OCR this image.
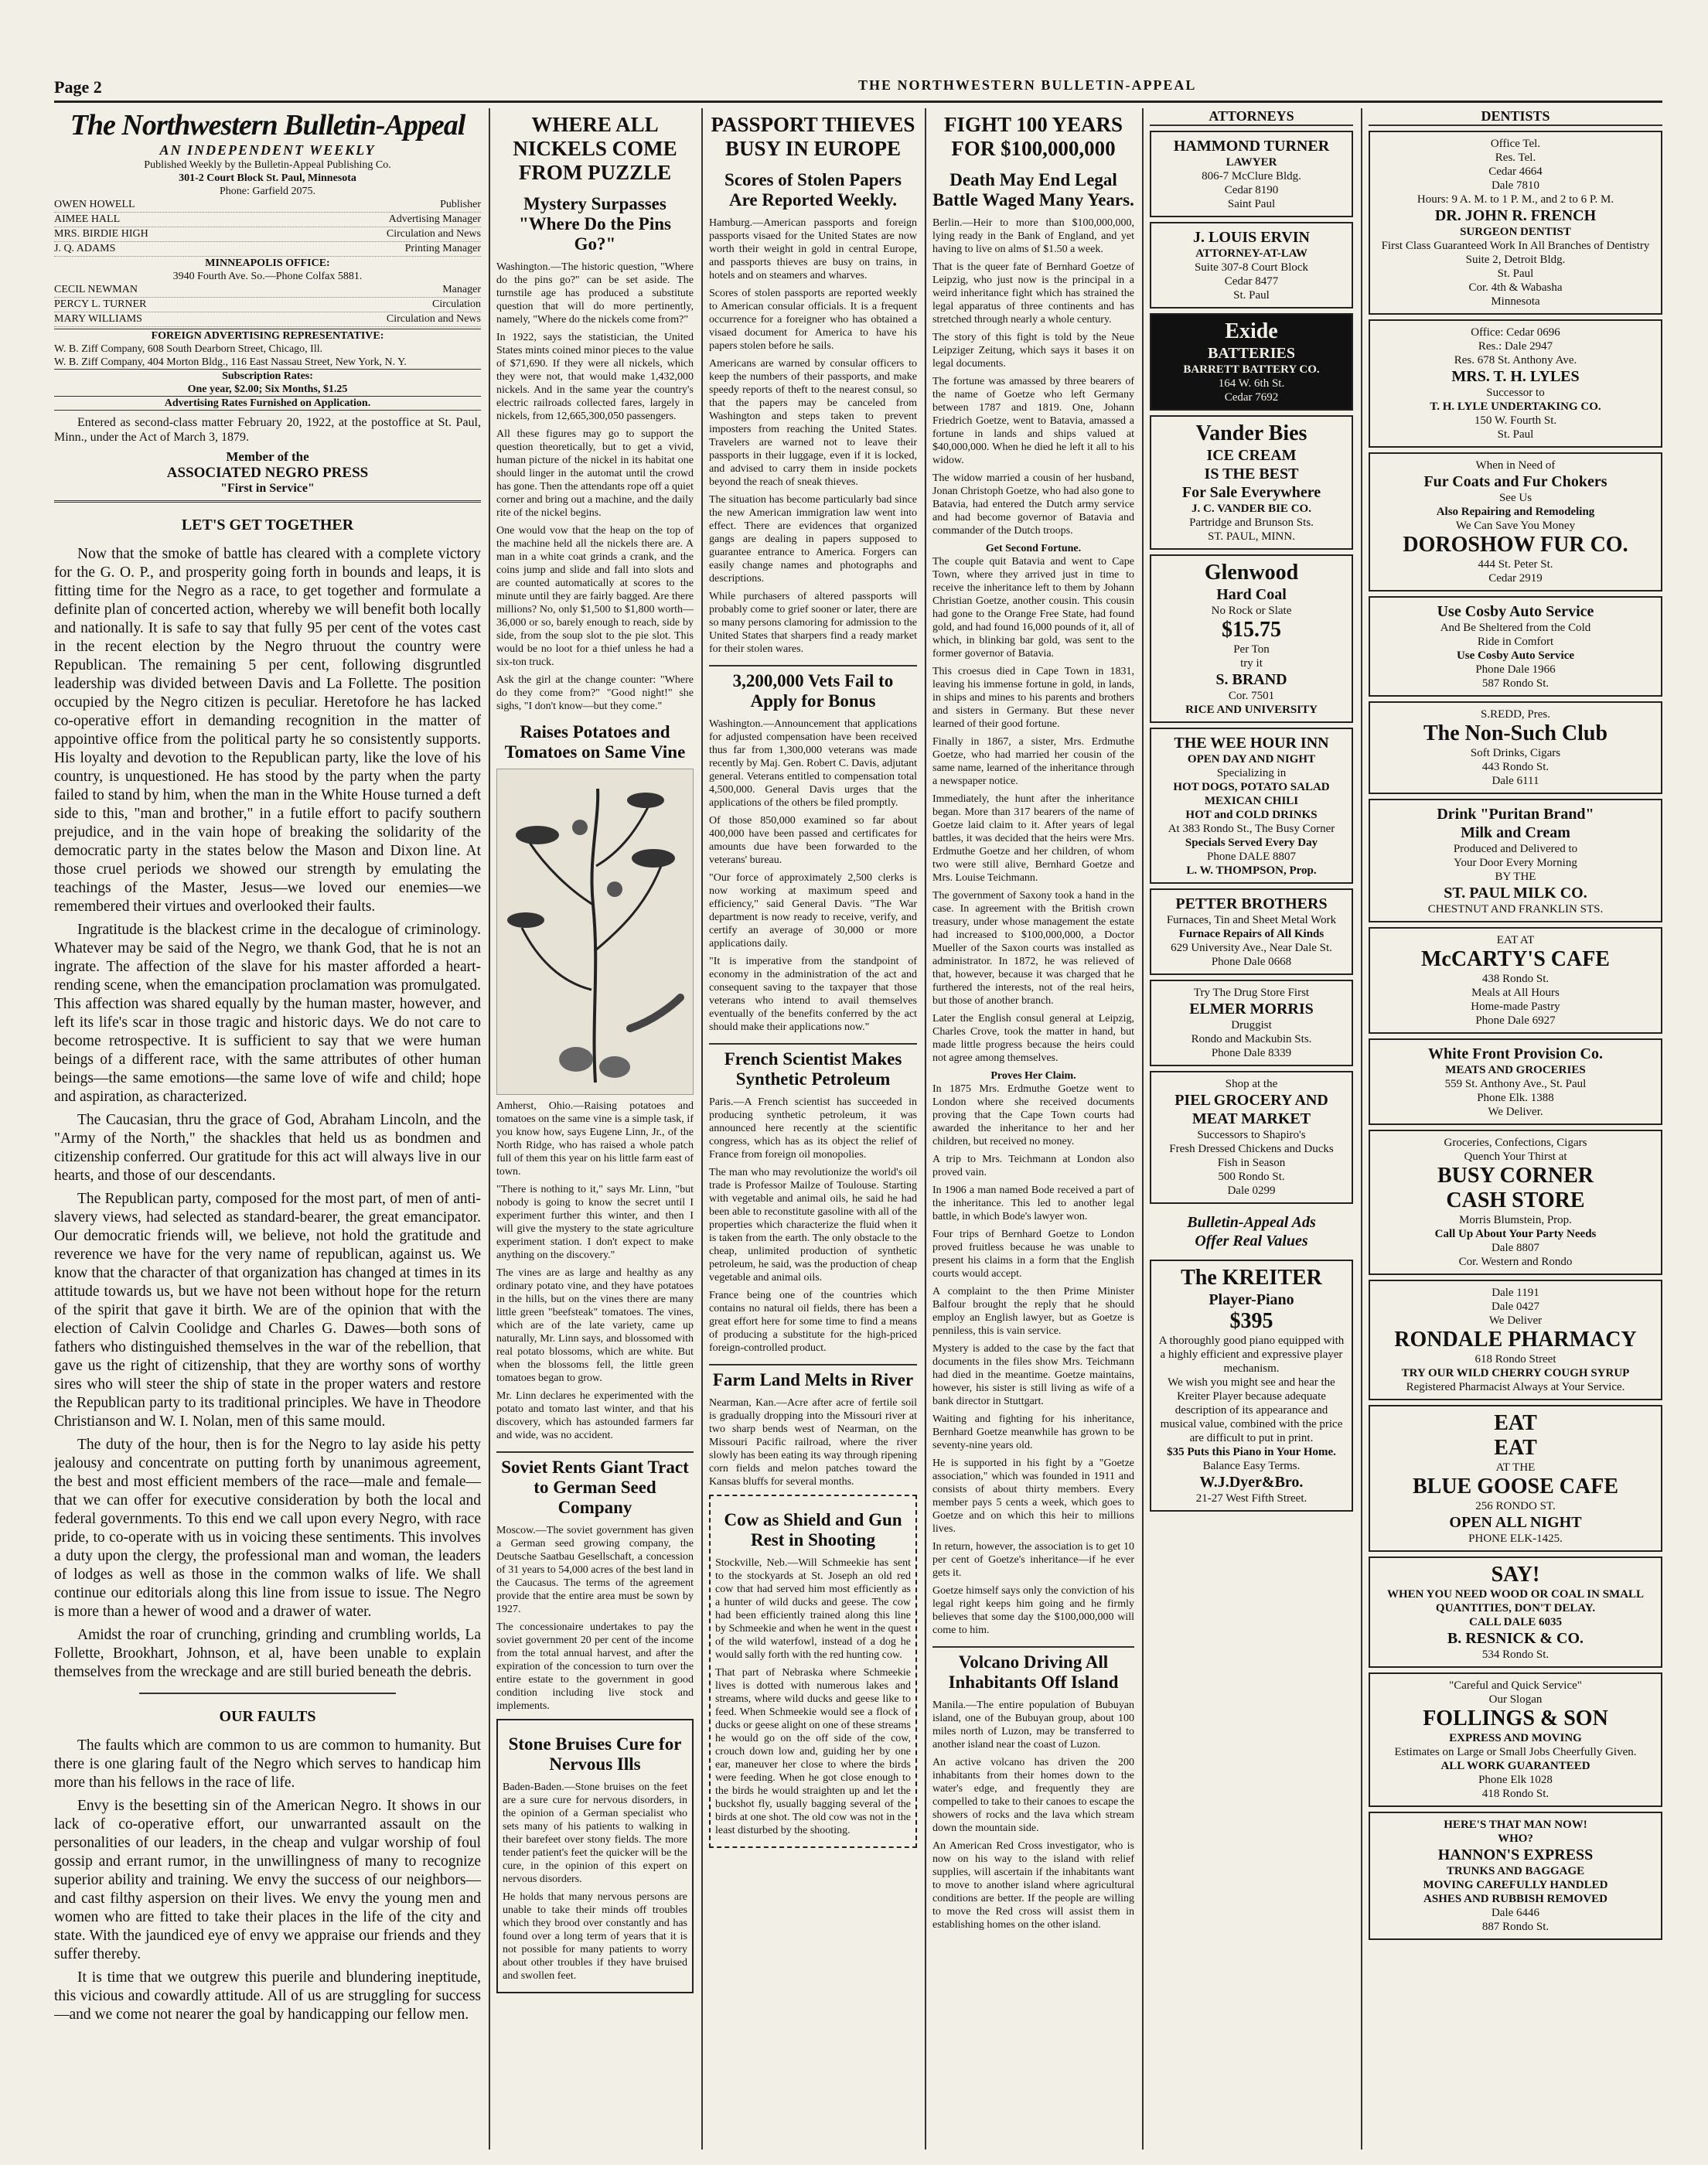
Page 2	THE NORTHWESTERN BULLETIN-APPEAL
The Northwestern Bulletin-Appeal
AN INDEPENDENT WEEKLY
Published Weekly by the Bulletin-Appeal Publishing Co.
301-2 Court Block St. Paul, Minnesota
Phone: Garfield 2075.
OWEN HOWELL	Publisher
AIMEE HALL	Advertising Manager
MRS. BIRDIE HIGH	Circulation and News
J. Q. ADAMS	Printing Manager
MINNEAPOLIS OFFICE:
3940 Fourth Ave. So.—Phone Colfax 5881.
CECIL NEWMAN	Manager
PERCY L. TURNER	Circulation
MARY WILLIAMS	Circulation and News
FOREIGN ADVERTISING REPRESENTATIVE:
W. B. Ziff Company, 608 South Dearborn Street, Chicago, Ill.
W. B. Ziff Company, 404 Morton Bldg., 116 East Nassau Street, New York, N. Y.
Subscription Rates:
One year, $2.00; Six Months, $1.25
Advertising Rates Furnished on Application.

Entered as second-class matter February 20, 1922, at the postoffice at St. Paul, Minn., under the Act of March 3, 1879.

Member of the
ASSOCIATED NEGRO PRESS
"First in Service"
LET'S GET TOGETHER

Now that the smoke of battle has cleared with a complete victory for the G. O. P., and prosperity going forth in bounds and leaps, it is fitting time for the Negro as a race, to get together and formulate a definite plan of concerted action, whereby we will benefit both locally and nationally. It is safe to say that fully 95 per cent of the votes cast in the recent election by the Negro thruout the country were Republican. The remaining 5 per cent, following disgruntled leadership was divided between Davis and La Follette. The position occupied by the Negro citizen is peculiar. Heretofore he has lacked co-operative effort in demanding recognition in the matter of appointive office from the political party he so consistently supports. His loyalty and devotion to the Republican party, like the love of his country, is unquestioned. He has stood by the party when the party failed to stand by him, when the man in the White House turned a deft side to this, "man and brother," in a futile effort to pacify southern prejudice, and in the vain hope of breaking the solidarity of the democratic party in the states below the Mason and Dixon line. At those cruel periods we showed our strength by emulating the teachings of the Master, Jesus—we loved our enemies—we remembered their virtues and overlooked their faults.

Ingratitude is the blackest crime in the decalogue of criminology. Whatever may be said of the Negro, we thank God, that he is not an ingrate. The affection of the slave for his master afforded a heart-rending scene, when the emancipation proclamation was promulgated. This affection was shared equally by the human master, however, and left its life's scar in those tragic and historic days. We do not care to become retrospective. It is sufficient to say that we were human beings of a different race, with the same attributes of other human beings—the same emotions—the same love of wife and child; hope and aspiration, as characterized.

The Caucasian, thru the grace of God, Abraham Lincoln, and the "Army of the North," the shackles that held us as bondmen and citizenship conferred. Our gratitude for this act will always live in our hearts, and those of our descendants.

The Republican party, composed for the most part, of men of anti-slavery views, had selected as standard-bearer, the great emancipator. Our democratic friends will, we believe, not hold the gratitude and reverence we have for the very name of republican, against us. We know that the character of that organization has changed at times in its attitude towards us, but we have not been without hope for the return of the spirit that gave it birth. We are of the opinion that with the election of Calvin Coolidge and Charles G. Dawes—both sons of fathers who distinguished themselves in the war of the rebellion, that gave us the right of citizenship, that they are worthy sons of worthy sires who will steer the ship of state in the proper waters and restore the Republican party to its traditional principles. We have in Theodore Christianson and W. I. Nolan, men of this same mould.

The duty of the hour, then is for the Negro to lay aside his petty jealousy and concentrate on putting forth by unanimous agreement, the best and most efficient members of the race—male and female—that we can offer for executive consideration by both the local and federal governments. To this end we call upon every Negro, with race pride, to co-operate with us in voicing these sentiments. This involves a duty upon the clergy, the professional man and woman, the leaders of lodges as well as those in the common walks of life. We shall continue our editorials along this line from issue to issue. The Negro is more than a hewer of wood and a drawer of water.

Amidst the roar of crunching, grinding and crumbling worlds, La Follette, Brookhart, Johnson, et al, have been unable to explain themselves from the wreckage and are still buried beneath the debris.

OUR FAULTS

The faults which are common to us are common to humanity. But there is one glaring fault of the Negro which serves to handicap him more than his fellows in the race of life.

Envy is the besetting sin of the American Negro. It shows in our lack of co-operative effort, our unwarranted assault on the personalities of our leaders, in the cheap and vulgar worship of foul gossip and errant rumor, in the unwillingness of many to recognize superior ability and training. We envy the success of our neighbors—and cast filthy aspersion on their lives. We envy the young men and women who are fitted to take their places in the life of the city and state. With the jaundiced eye of envy we appraise our friends and they suffer thereby.

It is time that we outgrew this puerile and blundering ineptitude, this vicious and cowardly attitude. All of us are struggling for success—and we come not nearer the goal by handicapping our fellow men.

WHERE ALL NICKELS COME FROM PUZZLE
Mystery Surpasses "Where Do the Pins Go?"

Washington.—The historic question, "Where do the pins go?" can be set aside. The turnstile age has produced a substitute question that will do more pertinently, namely, "Where do the nickels come from?"

In 1922, says the statistician, the United States mints coined minor pieces to the value of $71,690. If they were all nickels, which they were not, that would make 1,432,000 nickels. And in the same year the country's electric railroads collected fares, largely in nickels, from 12,665,300,050 passengers.

All these figures may go to support the question theoretically, but to get a vivid, human picture of the nickel in its habitat one should linger in the automat until the crowd has gone. Then the attendants rope off a quiet corner and bring out a machine, and the daily rite of the nickel begins.

One would vow that the heap on the top of the machine held all the nickels there are. A man in a white coat grinds a crank, and the coins jump and slide and fall into slots and are counted automatically at scores to the minute until they are fairly bagged. Are there millions? No, only $1,500 to $1,800 worth—36,000 or so, barely enough to reach, side by side, from the soup slot to the pie slot. This would be no loot for a thief unless he had a six-ton truck.

Ask the girl at the change counter: "Where do they come from?" "Good night!" she sighs, "I don't know—but they come."

Raises Potatoes and Tomatoes on Same Vine

Amherst, Ohio.—Raising potatoes and tomatoes on the same vine is a simple task, if you know how, says Eugene Linn, Jr., of the North Ridge, who has raised a whole patch full of them this year on his little farm east of town.

"There is nothing to it," says Mr. Linn, "but nobody is going to know the secret until I experiment further this winter, and then I will give the mystery to the state agriculture experiment station. I don't expect to make anything on the discovery."

The vines are as large and healthy as any ordinary potato vine, and they have potatoes in the hills, but on the vines there are many little green "beefsteak" tomatoes. The vines, which are of the late variety, came up naturally, Mr. Linn says, and blossomed with real potato blossoms, which are white. But when the blossoms fell, the little green tomatoes began to grow.

Mr. Linn declares he experimented with the potato and tomato last winter, and that his discovery, which has astounded farmers far and wide, was no accident.

Soviet Rents Giant Tract to German Seed Company

Moscow.—The soviet government has given a German seed growing company, the Deutsche Saatbau Gesellschaft, a concession of 31 years to 54,000 acres of the best land in the Caucasus. The terms of the agreement provide that the entire area must be sown by 1927.

The concessionaire undertakes to pay the soviet government 20 per cent of the income from the total annual harvest, and after the expiration of the concession to turn over the entire estate to the government in good condition including live stock and implements.

Stone Bruises Cure for Nervous Ills

Baden-Baden.—Stone bruises on the feet are a sure cure for nervous disorders, in the opinion of a German specialist who sets many of his patients to walking in their barefeet over stony fields. The more tender patient's feet the quicker will be the cure, in the opinion of this expert on nervous disorders.

He holds that many nervous persons are unable to take their minds off troubles which they brood over constantly and has found over a long term of years that it is not possible for many patients to worry about other troubles if they have bruised and swollen feet.

PASSPORT THIEVES BUSY IN EUROPE
Scores of Stolen Papers Are Reported Weekly.

Hamburg.—American passports and foreign passports visaed for the United States are now worth their weight in gold in central Europe, and passports thieves are busy on trains, in hotels and on steamers and wharves.

Scores of stolen passports are reported weekly to American consular officials. It is a frequent occurrence for a foreigner who has obtained a visaed document for America to have his papers stolen before he sails.

Americans are warned by consular officers to keep the numbers of their passports, and make speedy reports of theft to the nearest consul, so that the papers may be canceled from Washington and steps taken to prevent imposters from reaching the United States. Travelers are warned not to leave their passports in their luggage, even if it is locked, and advised to carry them in inside pockets beyond the reach of sneak thieves.

The situation has become particularly bad since the new American immigration law went into effect. There are evidences that organized gangs are dealing in papers supposed to guarantee entrance to America. Forgers can easily change names and photographs and descriptions.

While purchasers of altered passports will probably come to grief sooner or later, there are so many persons clamoring for admission to the United States that sharpers find a ready market for their stolen wares.

3,200,000 Vets Fail to Apply for Bonus

Washington.—Announcement that applications for adjusted compensation have been received thus far from 1,300,000 veterans was made recently by Maj. Gen. Robert C. Davis, adjutant general. Veterans entitled to compensation total 4,500,000. General Davis urges that the applications of the others be filed promptly.

Of those 850,000 examined so far about 400,000 have been passed and certificates for amounts due have been forwarded to the veterans' bureau.

"Our force of approximately 2,500 clerks is now working at maximum speed and efficiency," said General Davis. "The War department is now ready to receive, verify, and certify an average of 30,000 or more applications daily.

"It is imperative from the standpoint of economy in the administration of the act and consequent saving to the taxpayer that those veterans who intend to avail themselves eventually of the benefits conferred by the act should make their applications now."

French Scientist Makes Synthetic Petroleum

Paris.—A French scientist has succeeded in producing synthetic petroleum, it was announced here recently at the scientific congress, which has as its object the relief of France from foreign oil monopolies.

The man who may revolutionize the world's oil trade is Professor Mailze of Toulouse. Starting with vegetable and animal oils, he said he had been able to reconstitute gasoline with all of the properties which characterize the fluid when it is taken from the earth. The only obstacle to the cheap, unlimited production of synthetic petroleum, he said, was the production of cheap vegetable and animal oils.

France being one of the countries which contains no natural oil fields, there has been a great effort here for some time to find a means of producing a substitute for the high-priced foreign-controlled product.

Farm Land Melts in River

Nearman, Kan.—Acre after acre of fertile soil is gradually dropping into the Missouri river at two sharp bends west of Nearman, on the Missouri Pacific railroad, where the river slowly has been eating its way through ripening corn fields and melon patches toward the Kansas bluffs for several months.

Cow as Shield and Gun Rest in Shooting

Stockville, Neb.—Will Schmeekie has sent to the stockyards at St. Joseph an old red cow that had served him most efficiently as a hunter of wild ducks and geese. The cow had been efficiently trained along this line by Schmeekie and when he went in the quest of the wild waterfowl, instead of a dog he would sally forth with the red hunting cow.

That part of Nebraska where Schmeekie lives is dotted with numerous lakes and streams, where wild ducks and geese like to feed. When Schmeekie would see a flock of ducks or geese alight on one of these streams he would go on the off side of the cow, crouch down low and, guiding her by one ear, maneuver her close to where the birds were feeding. When he got close enough to the birds he would straighten up and let the buckshot fly, usually bagging several of the birds at one shot. The old cow was not in the least disturbed by the shooting.

FIGHT 100 YEARS FOR $100,000,000
Death May End Legal Battle Waged Many Years.

Berlin.—Heir to more than $100,000,000, lying ready in the Bank of England, and yet having to live on alms of $1.50 a week.

That is the queer fate of Bernhard Goetze of Leipzig, who just now is the principal in a weird inheritance fight which has strained the legal apparatus of three continents and has stretched through nearly a whole century.

The story of this fight is told by the Neue Leipziger Zeitung, which says it bases it on legal documents.

The fortune was amassed by three bearers of the name of Goetze who left Germany between 1787 and 1819. One, Johann Friedrich Goetze, went to Batavia, amassed a fortune in lands and ships valued at $40,000,000. When he died he left it all to his widow.

The widow married a cousin of her husband, Jonan Christoph Goetze, who had also gone to Batavia, had entered the Dutch army service and had become governor of Batavia and commander of the Dutch troops.

Get Second Fortune.

The couple quit Batavia and went to Cape Town, where they arrived just in time to receive the inheritance left to them by Johann Christian Goetze, another cousin. This cousin had gone to the Orange Free State, had found gold, and had found 16,000 pounds of it, all of which, in blinking bar gold, was sent to the former governor of Batavia.

This croesus died in Cape Town in 1831, leaving his immense fortune in gold, in lands, in ships and mines to his parents and brothers and sisters in Germany. But these never learned of their good fortune.

Finally in 1867, a sister, Mrs. Erdmuthe Goetze, who had married her cousin of the same name, learned of the inheritance through a newspaper notice.

Immediately, the hunt after the inheritance began. More than 317 bearers of the name of Goetze laid claim to it. After years of legal battles, it was decided that the heirs were Mrs. Erdmuthe Goetze and her children, of whom two were still alive, Bernhard Goetze and Mrs. Louise Teichmann.

The government of Saxony took a hand in the case. In agreement with the British crown treasury, under whose management the estate had increased to $100,000,000, a Doctor Mueller of the Saxon courts was installed as administrator. In 1872, he was relieved of that, however, because it was charged that he furthered the interests, not of the real heirs, but those of another branch.

Later the English consul general at Leipzig, Charles Crove, took the matter in hand, but made little progress because the heirs could not agree among themselves.

Proves Her Claim.

In 1875 Mrs. Erdmuthe Goetze went to London where she received documents proving that the Cape Town courts had awarded the inheritance to her and her children, but received no money.

A trip to Mrs. Teichmann at London also proved vain.

In 1906 a man named Bode received a part of the inheritance. This led to another legal battle, in which Bode's lawyer won.

Four trips of Bernhard Goetze to London proved fruitless because he was unable to present his claims in a form that the English courts would accept.

A complaint to the then Prime Minister Balfour brought the reply that he should employ an English lawyer, but as Goetze is penniless, this is vain service.

Mystery is added to the case by the fact that documents in the files show Mrs. Teichmann had died in the meantime. Goetze maintains, however, his sister is still living as wife of a bank director in Stuttgart.

Waiting and fighting for his inheritance, Bernhard Goetze meanwhile has grown to be seventy-nine years old.

He is supported in his fight by a "Goetze association," which was founded in 1911 and consists of about thirty members. Every member pays 5 cents a week, which goes to Goetze and on which this heir to millions lives.

In return, however, the association is to get 10 per cent of Goetze's inheritance—if he ever gets it.

Goetze himself says only the conviction of his legal right keeps him going and he firmly believes that some day the $100,000,000 will come to him.

Volcano Driving All Inhabitants Off Island

Manila.—The entire population of Bubuyan island, one of the Bubuyan group, about 100 miles north of Luzon, may be transferred to another island near the coast of Luzon.

An active volcano has driven the 200 inhabitants from their homes down to the water's edge, and frequently they are compelled to take to their canoes to escape the showers of rocks and the lava which stream down the mountain side.

An American Red Cross investigator, who is now on his way to the island with relief supplies, will ascertain if the inhabitants want to move to another island where agricultural conditions are better. If the people are willing to move the Red cross will assist them in establishing homes on the other island.

ATTORNEYS
HAMMOND TURNER
LAWYER
806-7 McClure Bldg.
Cedar 8190
Saint Paul
J. LOUIS ERVIN
ATTORNEY-AT-LAW
Suite 307-8 Court Block
Cedar 8477
St. Paul
Exide
BATTERIES
BARRETT BATTERY CO.
164 W. 6th St.
Cedar 7692
Vander Bies
ICE CREAM
IS THE BEST
For Sale Everywhere
J. C. VANDER BIE CO.
Partridge and Brunson Sts.
ST. PAUL, MINN.
Glenwood
Hard Coal
No Rock or Slate
$15.75
Per Ton
try it
S. BRAND
Cor. 7501
RICE AND UNIVERSITY
THE WEE HOUR INN
OPEN DAY AND NIGHT
Specializing in
HOT DOGS, POTATO SALAD
MEXICAN CHILI
HOT and COLD DRINKS
At 383 Rondo St., The Busy Corner
Specials Served Every Day
Phone DALE 8807
L. W. THOMPSON, Prop.
PETTER BROTHERS
Furnaces, Tin and Sheet Metal Work
Furnace Repairs of All Kinds
629 University Ave., Near Dale St.
Phone Dale 0668
Try The Drug Store First
ELMER MORRIS
Druggist
Rondo and Mackubin Sts.
Phone Dale 8339
Shop at the
PIEL GROCERY AND MEAT MARKET
Successors to Shapiro's
Fresh Dressed Chickens and Ducks
Fish in Season
500 Rondo St.
Dale 0299
Bulletin-Appeal Ads
Offer Real Values
The KREITER
Player-Piano
$395
A thoroughly good piano equipped with a highly efficient and expressive player mechanism.
We wish you might see and hear the Kreiter Player because adequate description of its appearance and musical value, combined with the price are difficult to put in print.
$35 Puts this Piano in Your Home.
Balance Easy Terms.
W.J.Dyer&Bro.
21-27 West Fifth Street.
DENTISTS
Office Tel.
Res. Tel.
Cedar 4664
Dale 7810
Hours: 9 A. M. to 1 P. M., and 2 to 6 P. M.
DR. JOHN R. FRENCH
SURGEON DENTIST
First Class Guaranteed Work In All Branches of Dentistry
Suite 2, Detroit Bldg.
St. Paul
Cor. 4th & Wabasha
Minnesota
Office: Cedar 0696
Res.: Dale 2947
Res. 678 St. Anthony Ave.
MRS. T. H. LYLES
Successor to
T. H. LYLE UNDERTAKING CO.
150 W. Fourth St.
St. Paul
When in Need of
Fur Coats and Fur Chokers
See Us
Also Repairing and Remodeling
We Can Save You Money
DOROSHOW FUR CO.
444 St. Peter St.
Cedar 2919
Use Cosby Auto Service
And Be Sheltered from the Cold
Ride in Comfort
Use Cosby Auto Service
Phone Dale 1966
587 Rondo St.
S.REDD, Pres.
The Non-Such Club
Soft Drinks, Cigars
443 Rondo St.
Dale 6111
Drink "Puritan Brand"
Milk and Cream
Produced and Delivered to
Your Door Every Morning
BY THE
ST. PAUL MILK CO.
CHESTNUT AND FRANKLIN STS.
EAT AT
McCARTY'S CAFE
438 Rondo St.
Meals at All Hours
Home-made Pastry
Phone Dale 6927
White Front Provision Co.
MEATS AND GROCERIES
559 St. Anthony Ave., St. Paul
Phone Elk. 1388
We Deliver.
Groceries, Confections, Cigars
Quench Your Thirst at
BUSY CORNER
CASH STORE
Morris Blumstein, Prop.
Call Up About Your Party Needs
Dale 8807
Cor. Western and Rondo
Dale 1191
Dale 0427
We Deliver
RONDALE PHARMACY
618 Rondo Street
TRY OUR WILD CHERRY COUGH SYRUP
Registered Pharmacist Always at Your Service.
EAT
EAT
AT THE
BLUE GOOSE CAFE
256 RONDO ST.
OPEN ALL NIGHT
PHONE ELK-1425.
SAY!
WHEN YOU NEED WOOD OR COAL IN SMALL QUANTITIES, DON'T DELAY.
CALL DALE 6035
B. RESNICK & CO.
534 Rondo St.
"Careful and Quick Service"
Our Slogan
FOLLINGS & SON
EXPRESS AND MOVING
Estimates on Large or Small Jobs Cheerfully Given.
ALL WORK GUARANTEED
Phone Elk 1028
418 Rondo St.
HERE'S THAT MAN NOW!
WHO?
HANNON'S EXPRESS
TRUNKS AND BAGGAGE
MOVING CAREFULLY HANDLED
ASHES AND RUBBISH REMOVED
Dale 6446
887 Rondo St.
